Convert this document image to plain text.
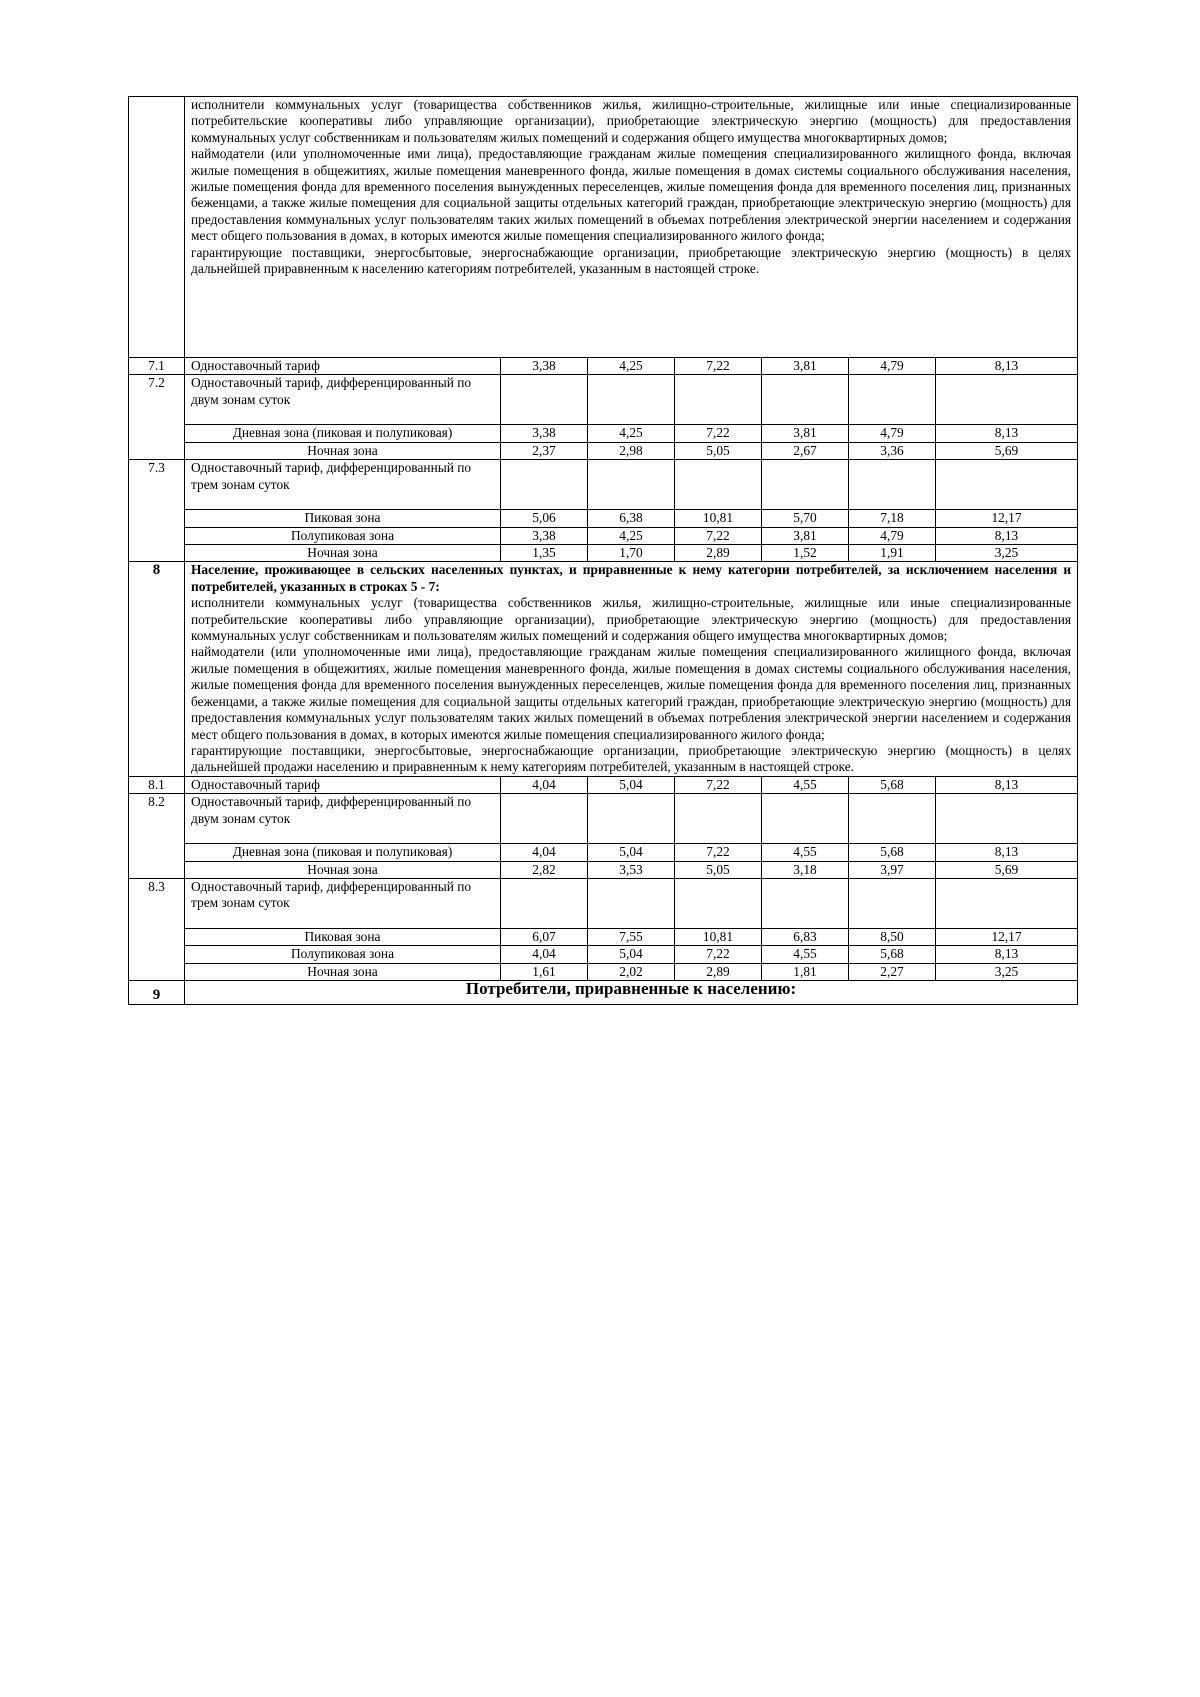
	исполнители коммунальных услуг (товарищества собственников жилья, жилищно-строительные, жилищные или иные специализированные потребительские кооперативы либо управляющие организации), приобретающие электрическую энергию (мощность) для предоставления коммунальных услуг собственникам и пользователям жилых помещений и содержания общего имущества многоквартирных домов;

наймодатели (или уполномоченные ими лица), предоставляющие гражданам жилые помещения специализированного жилищного фонда, включая жилые помещения в общежитиях, жилые помещения маневренного фонда, жилые помещения в домах системы социального обслуживания населения, жилые помещения фонда для временного поселения вынужденных переселенцев, жилые помещения фонда для временного поселения лиц, признанных беженцами, а также жилые помещения для социальной защиты отдельных категорий граждан, приобретающие электрическую энергию (мощность) для предоставления коммунальных услуг пользователям таких жилых помещений в объемах потребления электрической энергии населением и содержания мест общего пользования в домах, в которых имеются жилые помещения специализированного жилого фонда;

гарантирующие поставщики, энергосбытовые, энергоснабжающие организации, приобретающие электрическую энергию (мощность) в целях дальнейшей приравненным к населению категориям потребителей, указанным в настоящей строке.						

7.1	Одноставочный тариф	3,38	4,25	7,22	3,81	4,79	8,13
7.2	Одноставочный тариф, дифференцированный по двум зонам суток						
	Дневная зона (пиковая и полупиковая)	3,38	4,25	7,22	3,81	4,79	8,13
	Ночная зона	2,37	2,98	5,05	2,67	3,36	5,69
7.3	Одноставочный тариф, дифференцированный по трем зонам суток						
	Пиковая зона	5,06	6,38	10,81	5,70	7,18	12,17
	Полупиковая зона	3,38	4,25	7,22	3,81	4,79	8,13
	Ночная зона	1,35	1,70	2,89	1,52	1,91	3,25
8	Население, проживающее в сельских населенных пунктах, и приравненные к нему категории потребителей, за исключением населения и потребителей, указанных в строках 5 - 7:

исполнители коммунальных услуг (товарищества собственников жилья, жилищно-строительные, жилищные или иные специализированные потребительские кооперативы либо управляющие организации), приобретающие электрическую энергию (мощность) для предоставления коммунальных услуг собственникам и пользователям жилых помещений и содержания общего имущества многоквартирных домов;

наймодатели (или уполномоченные ими лица), предоставляющие гражданам жилые помещения специализированного жилищного фонда, включая жилые помещения в общежитиях, жилые помещения маневренного фонда, жилые помещения в домах системы социального обслуживания населения, жилые помещения фонда для временного поселения вынужденных переселенцев, жилые помещения фонда для временного поселения лиц, признанных беженцами, а также жилые помещения для социальной защиты отдельных категорий граждан, приобретающие электрическую энергию (мощность) для предоставления коммунальных услуг пользователям таких жилых помещений в объемах потребления электрической энергии населением и содержания мест общего пользования в домах, в которых имеются жилые помещения специализированного жилого фонда;

гарантирующие поставщики, энергосбытовые, энергоснабжающие организации, приобретающие электрическую энергию (мощность) в целях дальнейшей продажи населению и приравненным к нему категориям потребителей, указанным в настоящей строке.						

8.1	Одноставочный тариф	4,04	5,04	7,22	4,55	5,68	8,13
8.2	Одноставочный тариф, дифференцированный по двум зонам суток						
	Дневная зона (пиковая и полупиковая)	4,04	5,04	7,22	4,55	5,68	8,13
	Ночная зона	2,82	3,53	5,05	3,18	3,97	5,69
8.3	Одноставочный тариф, дифференцированный по трем зонам суток						
	Пиковая зона	6,07	7,55	10,81	6,83	8,50	12,17
	Полупиковая зона	4,04	5,04	7,22	4,55	5,68	8,13
	Ночная зона	1,61	2,02	2,89	1,81	2,27	3,25
9	Потребители, приравненные к населению:						
